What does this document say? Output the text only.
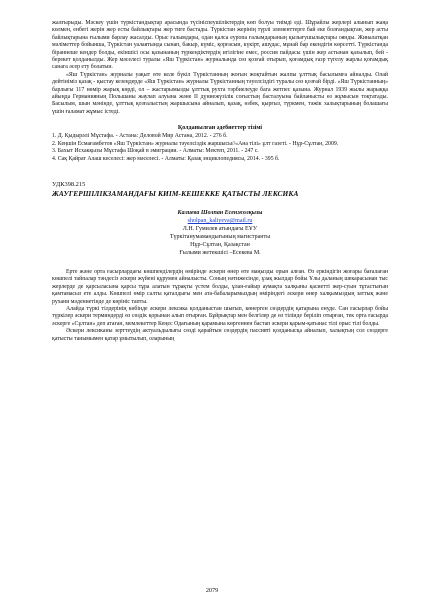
жалғырыды. Мәскеу үшін түркістандықтар арасында түсініспеушіліктердің көп болуы тиімді еді. Шұрайлы жерлері алынып жаңа көлмен, енбегі жерін жер есты байлықтары жер тиге бастады. Түркістан жерінің түрлі элементтерге бай еке болғандықтан, жер асты байлықтарына ғылыми барлау жасалды. Орыс ғалымдары, одан қалса еуропа ғалымдарының қызығушылықтары оянды. Жиналатқан мәліметтер бойынша, Түркістан уалаятында сынап, бакыр, күміс, қорғасын, күкірт, ашудас, мұнай бар екендігін көрсетті. Түркістанда біраннеше кеңдер болды, екіншісі осы қазынаның түркендіктердің игілігіне емес, россия пайдасы үшін жер астынан қазылып, бей - берекет қолданылды. Жер мәселесі туралы «Яш Түркістан» журналында сөз қозғай отырып, қоғамдық ғазр түгелу жарлы қоғамдық санага әсер ету болатын.

«Яш Түркістан» журналы уақыт өте келе бүкіл Түркістанның жоғын жоқтайтын жалпы ұлттық басылымға айналды. Олай дейтініміз қазақ - қыстау кезеңдерде «Яш Түркістан» журналы Түркістанның тәуелсіздігі туралы сөз қозғай бірді. «Яш Түркістанның» барлығы 117 нөмір жарық көрді, ол – жастарымызды ұлттық рухта тәрбиелеуде бага жетпес қазына. Журнал 1939 жылы жарыққа айыңда Германияның Польшаны жаулап алуына және II дүниежүзілік соғыстың басталуына байланысты өз жұмысын тоқтатады. Басылым, шын мәнінде, ұлттық қозғалыстың жаршысына айналып, қазақ, өзбек, қырғыз, түркмен, тәжік халықтарының болашағы үшін ғаламат жұмыс істеді.

Қолданылған әдебиеттер тізімі

1. Д. Қыдырәлі Мұстафа. - Астана: Деловой Мир Астана, 2012. - 276 б.
2. Кеңшін Есмағамбетов «Яш Түркістан» журналы тәуелсіздік жаршысы//«Ана тілі» ұлт газеті. - Нұр-Сұлтан, 2009.
3. Бахыт Исхакқызы Мұстафа Шоқай в эмиграции. - Алматы: Мектеп, 2011. - 247 с.
4. Сақ Қайрат Алаш кеселесі: жер мәселесі. - Алматы: Қазақ энциклопедиясы, 2014. - 395 б.

УДК398.215

ЖАУГЕРШІЛІКЗАМАНДАҒЫ КИІМ-КЕШЕККЕ ҚАТЫСТЫ ЛЕКСИКА

Калиева Шолпан Есенжолқызы

sholpan_kaliyeva@mail.ru

Л.Н. Гумилев атындағы ЕҰУ

Түркітанумамандығының магистранты

Нұр-Сұлтан, Қазақстан

Ғылыми жетекшісі –Есекева М.

Ерте және орта ғасырлардағы көшпенділердің өміріндe әскери өнер өте маңызды орын алған. Өз еркіндігін жоғары бағалаған көшпелі тайпалар тәндесіз әскери жүйені құрумен айналысты. Соның нәтижесінде, ұзақ жылдар бойы Ұлы даланың шекарасынан тыс жерлерде де қарсыласына қарсы тұра алатын тұрақты үстем болды, ұлан-ғайыр аумақта халқыны қасиетті жер-суын тұтастығын қамтамасыз ете алды. Көшпелі өмір салты қаталдығы мен ата-бабаларымыздың өміріндегі әскери өнер халқымыздың заттық және рухани мәдениетінде де көрініс тапты.

Алайда түркі тілдерінің көбінде әскери лексика қолданыстан шығып, көнерген сөздердің қатарына енуде. Сан ғасырлар бойы түркілер әскери терминдерді өз сөздік қорынан алып отырған. Бұйрықтар мен белгілер де өз тілінде беріліп отырған, тек орта ғасырда әскерге «Сұлтан» деп атаған, мемлекеттер Кеңес Одағының қарамына көргеннен бастап әскери қарым-қатынас тілі орыс тілі болды.

Әскери лексиканы зерттеудің актуальдылығы сөзді қарайтын сөздердің пассивті қолданысқа айналып, халықтың сол сөздерге қатысты танымымен қатар ұмытылып, оларының

2079
